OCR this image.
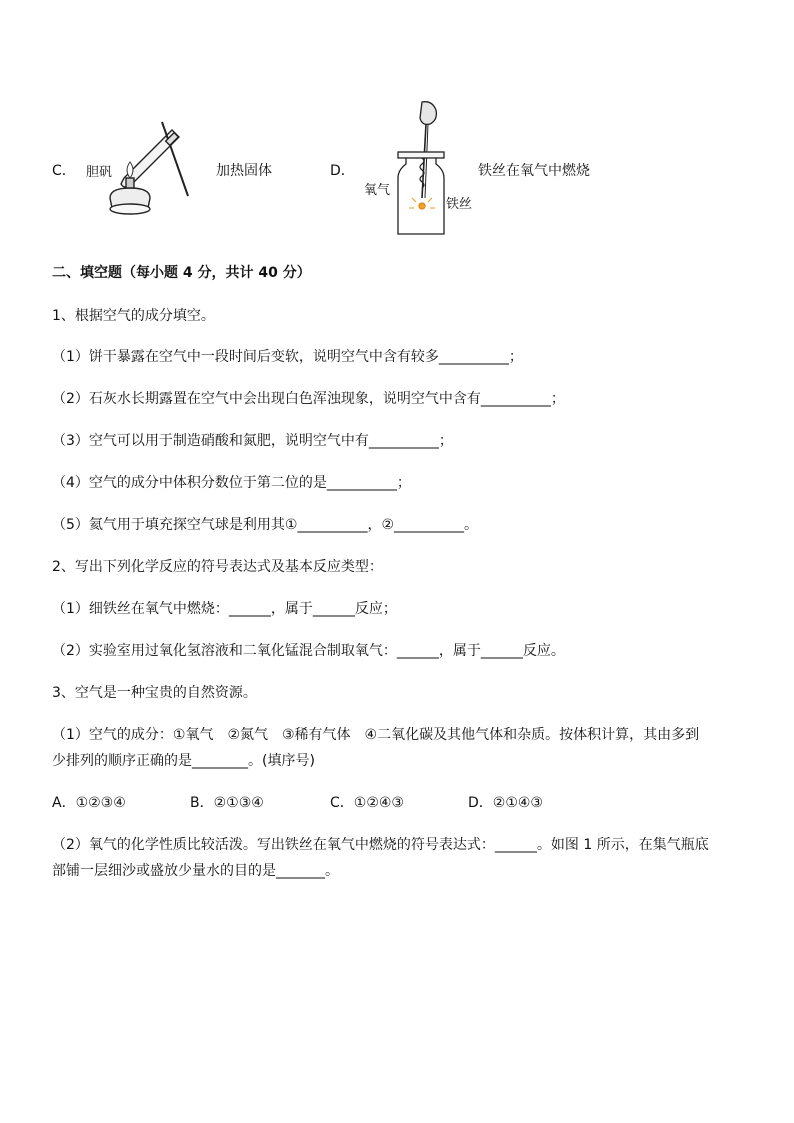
C． 胆矾	加热固体	D．
氧气
铁丝
铁丝在氧气中燃烧
二、填空题（每小题 4 分，共计 40 分）
1、根据空气的成分填空。
（1）饼干暴露在空气中一段时间后变软，说明空气中含有较多__________；
（2）石灰水长期露置在空气中会出现白色浑浊现象，说明空气中含有__________；
（3）空气可以用于制造硝酸和氮肥，说明空气中有__________；
（4）空气的成分中体积分数位于第二位的是__________；
（5）氦气用于填充探空气球是利用其①__________，②__________。
2、写出下列化学反应的符号表达式及基本反应类型：
（1）细铁丝在氧气中燃烧：______，属于______反应；
（2）实验室用过氧化氢溶液和二氧化锰混合制取氧气：______，属于______反应。
3、空气是一种宝贵的自然资源。
（1）空气的成分：①氧气　②氮气　③稀有气体　④二氧化碳及其他气体和杂质。按体积计算，其由多到
少排列的顺序正确的是________。(填序号)
A．①②③④	B．②①③④	C．①②④③	D．②①④③
（2）氧气的化学性质比较活泼。写出铁丝在氧气中燃烧的符号表达式：______。如图 1 所示，在集气瓶底
部铺一层细沙或盛放少量水的目的是_______。
